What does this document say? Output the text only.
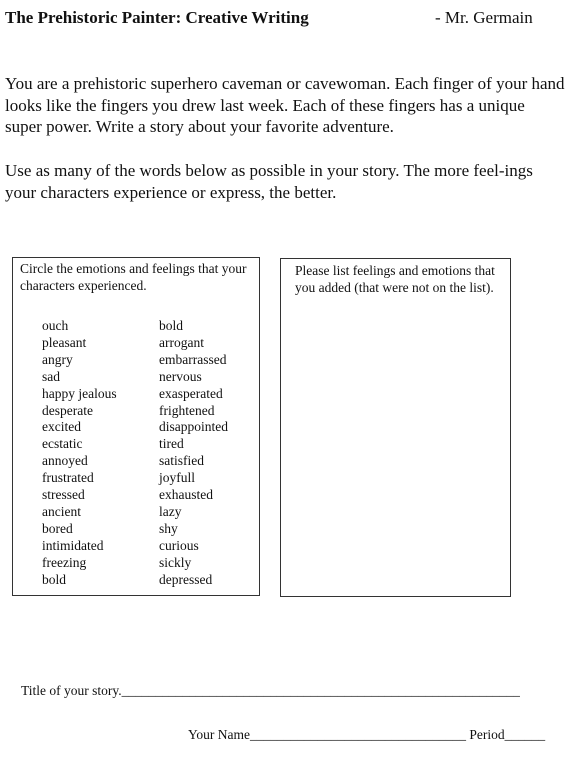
The Prehistoric Painter: Creative Writing	- Mr. Germain
You are a prehistoric superhero caveman or cavewoman. Each finger of your hand looks like the fingers you drew last week. Each of these fingers has a unique super power. Write a story about your favorite adventure.
Use as many of the words below as possible in your story. The more feel-ings your characters experience or express, the better.
Circle the emotions and feelings that your characters experienced.
ouch
pleasant
angry
sad
happy jealous
desperate
excited
ecstatic
annoyed
frustrated
stressed
ancient
bored
intimidated
freezing
bold
bold
arrogant
embarrassed
nervous
exasperated
frightened
disappointed
tired
satisfied
joyfull
exhausted
lazy
shy
curious
sickly
depressed
Please list feelings and emotions that you added (that were not on the list).
Title of your story.___________________________________________________________
Your Name________________________________ Period______
